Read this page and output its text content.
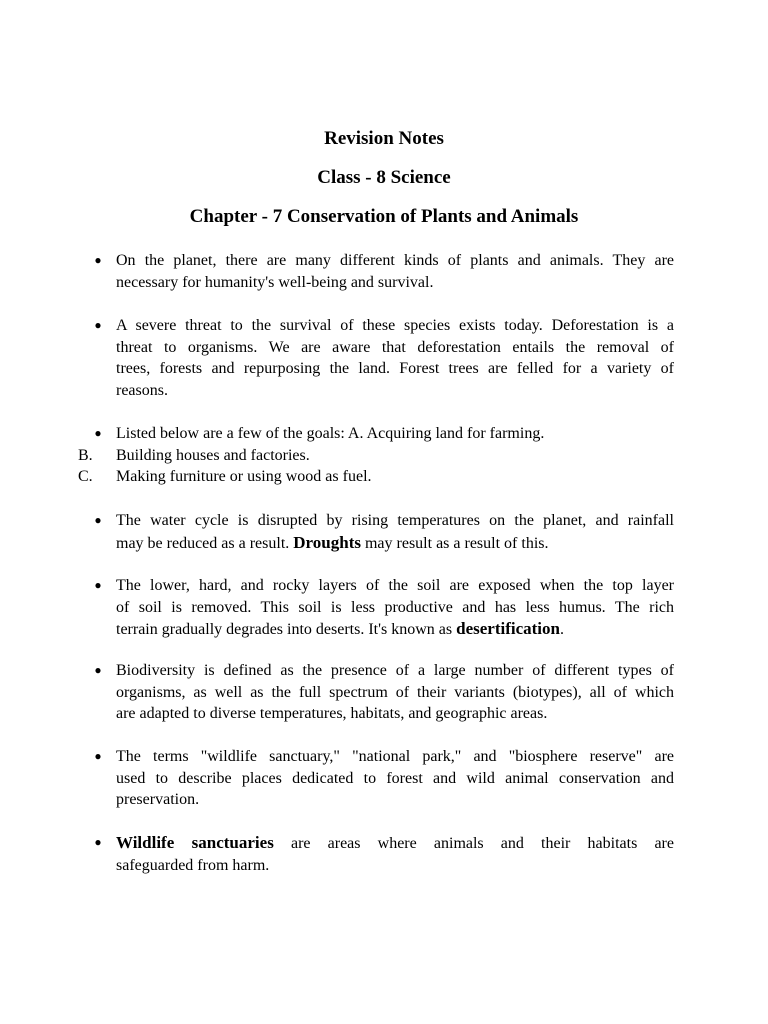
Revision Notes
Class - 8 Science
Chapter - 7 Conservation of Plants and Animals
● On the planet, there are many different kinds of plants and animals. They are
necessary for humanity's well-being and survival.

● A severe threat to the survival of these species exists today. Deforestation is a
threat to organisms. We are aware that deforestation entails the removal of
trees, forests and repurposing the land. Forest trees are felled for a variety of
reasons.

● Listed below are a few of the goals: A. Acquiring land for farming.

B.	Building houses and factories.

C.	Making furniture or using wood as fuel.

● The water cycle is disrupted by rising temperatures on the planet, and rainfall
may be reduced as a result. Droughts may result as a result of this.

● The lower, hard, and rocky layers of the soil are exposed when the top layer
of soil is removed. This soil is less productive and has less humus. The rich
terrain gradually degrades into deserts. It's known as desertification.

● Biodiversity is defined as the presence of a large number of different types of
organisms, as well as the full spectrum of their variants (biotypes), all of which
are adapted to diverse temperatures, habitats, and geographic areas.

● The terms "wildlife sanctuary," "national park," and "biosphere reserve" are
used to describe places dedicated to forest and wild animal conservation and
preservation.

● Wildlife sanctuaries are areas where animals and their habitats are
safeguarded from harm.
